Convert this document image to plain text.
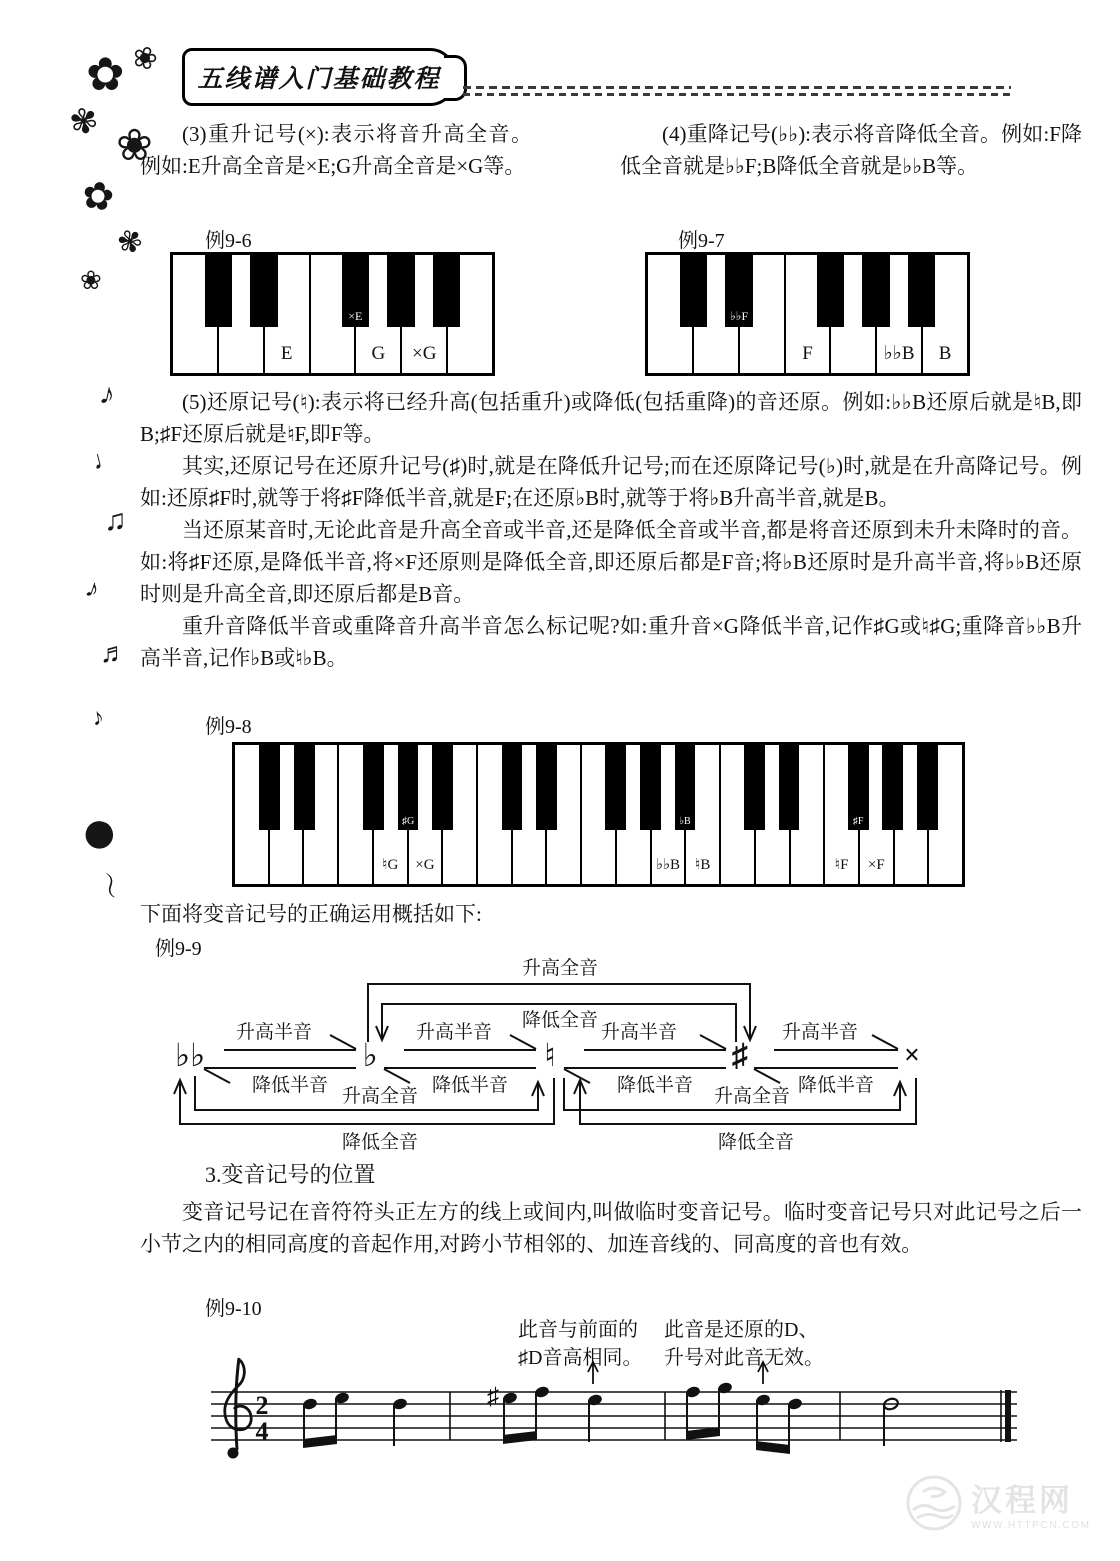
✿ ❀
✾ ❀
✿
✾
❀
♪
♩
♫
♪
♬
♪
●
〜
五线谱入门基础教程

(3)重升记号(×):表示将音升高全音。例如:E升高全音是×E;G升高全音是×G等。

(4)重降记号(♭♭):表示将音降低全音。例如:F降低全音就是♭♭F;B降低全音就是♭♭B等。

例9-6	例9-7
E	G	×G
×E
F	♭♭B	B
♭♭F

(5)还原记号(♮):表示将已经升高(包括重升)或降低(包括重降)的音还原。例如:♭♭B还原后就是♮B,即B;♯F还原后就是♮F,即F等。

其实,还原记号在还原升记号(♯)时,就是在降低升记号;而在还原降记号(♭)时,就是在升高降记号。例如:还原♯F时,就等于将♯F降低半音,就是F;在还原♭B时,就等于将♭B升高半音,就是B。

当还原某音时,无论此音是升高全音或半音,还是降低全音或半音,都是将音还原到未升未降时的音。如:将♯F还原,是降低半音,将×F还原则是降低全音,即还原后都是F音;将♭B还原时是升高半音,将♭♭B还原时则是升高全音,即还原后都是B音。

重升音降低半音或重降音升高半音怎么标记呢?如:重升音×G降低半音,记作♯G或♮♯G;重降音♭♭B升高半音,记作♭B或♮♭B。

例9-8
♮G	×G	♭♭B ♮B	♮F	×F
♯G	♭B	♯F
下面将变音记号的正确运用概括如下:
例9-9
♭♭	♭	♮	♯	×
升高全音
降低全音
升高半音	升高半音	升高半音	升高半音
降低半音	降低半音	降低半音	降低半音
升高全音	升高全音
降低全音	降低全音
3.变音记号的位置

变音记号记在音符符头正左方的线上或间内,叫做临时变音记号。临时变音记号只对此记号之后一小节之内的相同高度的音起作用,对跨小节相邻的、加连音线的、同高度的音也有效。

例9-10
此音与前面的
♯D音高相同。
此音是还原的D、
升号对此音无效。
2
4
♯
汉程网
WWW.HTTPCN.COM
